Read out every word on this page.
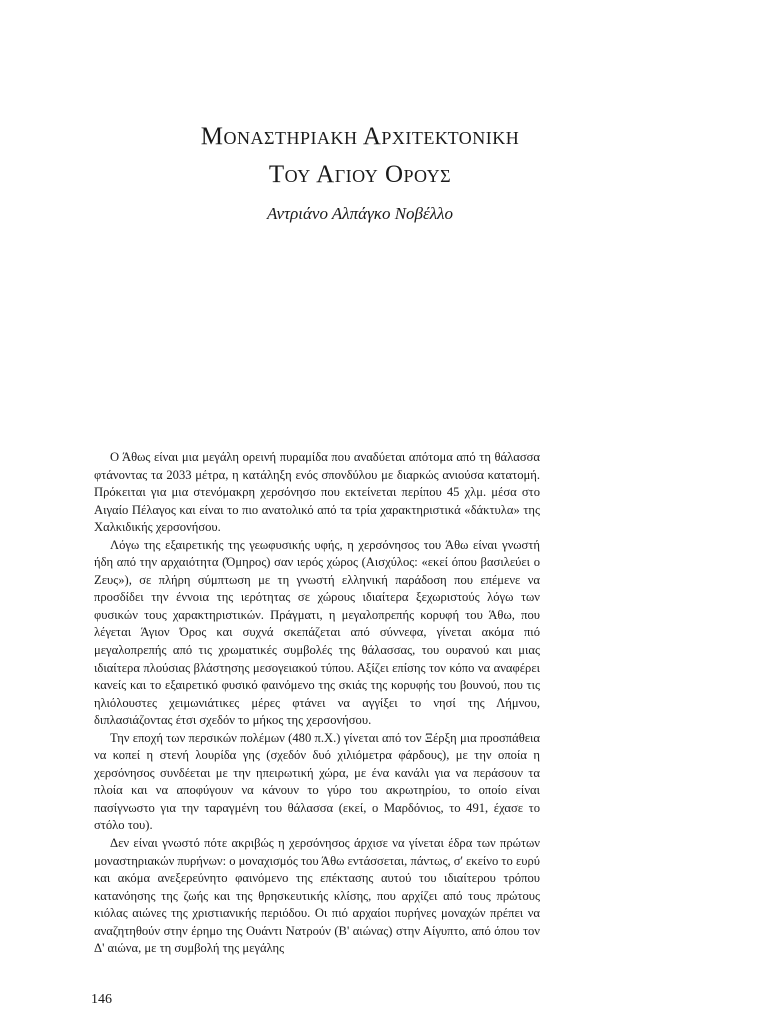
Μοναστηριακη Αρχιτεκτονικη
Του Αγιου Ορουσ
Αντριάνο Αλπάγκο Νοβέλλο

Ο Άθως είναι μια μεγάλη ορεινή πυραμίδα που αναδύεται απότομα από τη θάλασσα φτάνοντας τα 2033 μέτρα, η κατάληξη ενός σπονδύλου με διαρκώς ανιούσα κατατομή. Πρόκειται για μια στενόμακρη χερσόνησο που εκτείνεται περίπου 45 χλμ. μέσα στο Αιγαίο Πέλαγος και είναι το πιο ανατολικό από τα τρία χαρακτηριστικά «δάκτυλα» της Χαλκιδικής χερσονήσου.

Λόγω της εξαιρετικής της γεωφυσικής υφής, η χερσόνησος του Άθω είναι γνωστή ήδη από την αρχαιότητα (Όμηρος) σαν ιερός χώρος (Αισχύλος: «εκεί όπου βασιλεύει ο Ζευς»), σε πλήρη σύμπτωση με τη γνωστή ελληνική παράδοση που επέμενε να προσδίδει την έννοια της ιερότητας σε χώρους ιδιαίτερα ξεχωριστούς λόγω των φυσικών τους χαρακτηριστικών. Πράγματι, η μεγαλοπρεπής κορυφή του Άθω, που λέγεται Άγιον Όρος και συχνά σκεπάζεται από σύννεφα, γίνεται ακόμα πιό μεγαλοπρεπής από τις χρωματικές συμβολές της θάλασσας, του ουρανού και μιας ιδιαίτερα πλούσιας βλάστησης μεσογειακού τύπου. Αξίζει επίσης τον κόπο να αναφέρει κανείς και το εξαιρετικό φυσικό φαινόμενο της σκιάς της κορυφής του βουνού, που τις ηλιόλουστες χειμωνιάτικες μέρες φτάνει να αγγίξει το νησί της Λήμνου, διπλασιάζοντας έτσι σχεδόν το μήκος της χερσονήσου.

Την εποχή των περσικών πολέμων (480 π.Χ.) γίνεται από τον Ξέρξη μια προσπάθεια να κοπεί η στενή λουρίδα γης (σχεδόν δυό χιλιόμετρα φάρδους), με την οποία η χερσόνησος συνδέεται με την ηπειρωτική χώρα, με ένα κανάλι για να περάσουν τα πλοία και να αποφύγουν να κάνουν το γύρο του ακρωτηρίου, το οποίο είναι πασίγνωστο για την ταραγμένη του θάλασσα (εκεί, ο Μαρδόνιος, το 491, έχασε το στόλο του).

Δεν είναι γνωστό πότε ακριβώς η χερσόνησος άρχισε να γίνεται έδρα των πρώτων μοναστηριακών πυρήνων: ο μοναχισμός του Άθω εντάσσεται, πάντως, σ' εκείνο το ευρύ και ακόμα ανεξερεύνητο φαινόμενο της επέκτασης αυτού του ιδιαίτερου τρόπου κατανόησης της ζωής και της θρησκευτικής κλίσης, που αρχίζει από τους πρώτους κιόλας αιώνες της χριστιανικής περιόδου. Οι πιό αρχαίοι πυρήνες μοναχών πρέπει να αναζητηθούν στην έρημο της Ουάντι Νατρούν (Β' αιώνας) στην Αίγυπτο, από όπου τον Δ' αιώνα, με τη συμβολή της μεγάλης

146
